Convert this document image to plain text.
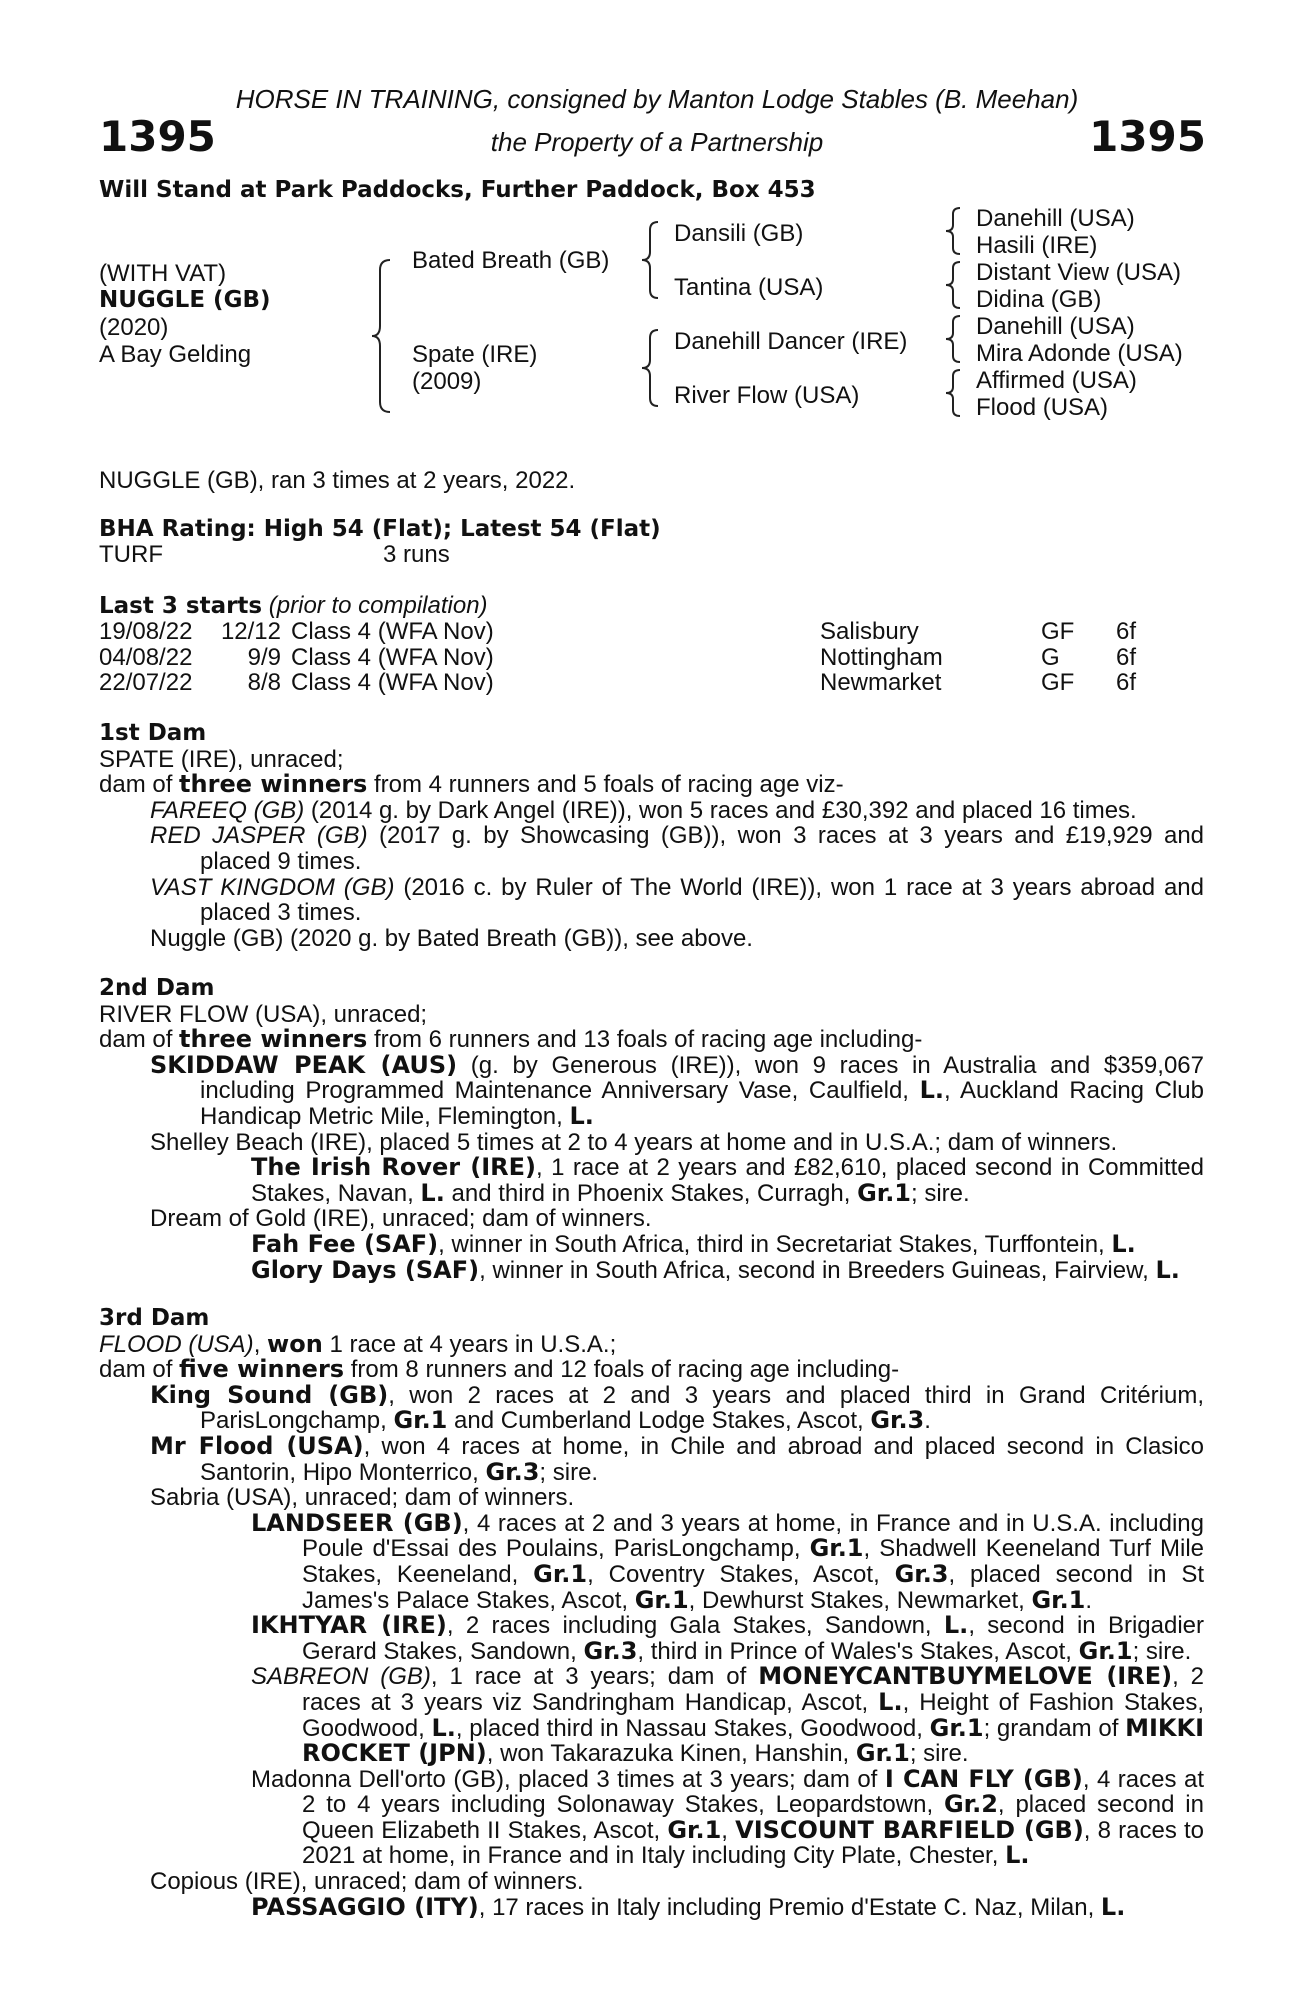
HORSE IN TRAINING, consigned by Manton Lodge Stables (B. Meehan)
the Property of a Partnership
1395	1395
Will Stand at Park Paddocks, Further Paddock, Box 453
(WITH VAT)
NUGGLE (GB)
(2020)
A Bay Gelding
Bated Breath (GB)
Spate (IRE)
(2009)
Dansili (GB)
Tantina (USA)
Danehill Dancer (IRE)
River Flow (USA)
Danehill (USA)
Hasili (IRE)
Distant View (USA)
Didina (GB)
Danehill (USA)
Mira Adonde (USA)
Affirmed (USA)
Flood (USA)
NUGGLE (GB), ran 3 times at 2 years, 2022.
BHA Rating: High 54 (Flat); Latest 54 (Flat)
TURF	3 runs
Last 3 starts (prior to compilation)
19/08/22	12/12 Class 4 (WFA Nov)	Salisbury	GF 6f
04/08/22	9/9 Class 4 (WFA Nov)	Nottingham	G 6f
22/07/22	8/8 Class 4 (WFA Nov)	Newmarket	GF 6f
1st Dam
SPATE (IRE), unraced;
dam of three winners from 4 runners and 5 foals of racing age viz-
FAREEQ (GB) (2014 g. by Dark Angel (IRE)), won 5 races and £30,392 and placed 16 times.
RED JASPER (GB) (2017 g. by Showcasing (GB)), won 3 races at 3 years and £19,929 and placed 9 times.
VAST KINGDOM (GB) (2016 c. by Ruler of The World (IRE)), won 1 race at 3 years abroad and placed 3 times.
Nuggle (GB) (2020 g. by Bated Breath (GB)), see above.
2nd Dam
RIVER FLOW (USA), unraced;
dam of three winners from 6 runners and 13 foals of racing age including-
SKIDDAW PEAK (AUS) (g. by Generous (IRE)), won 9 races in Australia and $359,067 including Programmed Maintenance Anniversary Vase, Caulfield, L., Auckland Racing Club Handicap Metric Mile, Flemington, L.
Shelley Beach (IRE), placed 5 times at 2 to 4 years at home and in U.S.A.; dam of winners.
The Irish Rover (IRE), 1 race at 2 years and £82,610, placed second in Committed Stakes, Navan, L. and third in Phoenix Stakes, Curragh, Gr.1; sire.
Dream of Gold (IRE), unraced; dam of winners.
Fah Fee (SAF), winner in South Africa, third in Secretariat Stakes, Turffontein, L.
Glory Days (SAF), winner in South Africa, second in Breeders Guineas, Fairview, L.
3rd Dam
FLOOD (USA), won 1 race at 4 years in U.S.A.;
dam of five winners from 8 runners and 12 foals of racing age including-
King Sound (GB), won 2 races at 2 and 3 years and placed third in Grand Critérium, ParisLongchamp, Gr.1 and Cumberland Lodge Stakes, Ascot, Gr.3.
Mr Flood (USA), won 4 races at home, in Chile and abroad and placed second in Clasico Santorin, Hipo Monterrico, Gr.3; sire.
Sabria (USA), unraced; dam of winners.
LANDSEER (GB), 4 races at 2 and 3 years at home, in France and in U.S.A. including Poule d'Essai des Poulains, ParisLongchamp, Gr.1, Shadwell Keeneland Turf Mile Stakes, Keeneland, Gr.1, Coventry Stakes, Ascot, Gr.3, placed second in St James's Palace Stakes, Ascot, Gr.1, Dewhurst Stakes, Newmarket, Gr.1.
IKHTYAR (IRE), 2 races including Gala Stakes, Sandown, L., second in Brigadier Gerard Stakes, Sandown, Gr.3, third in Prince of Wales's Stakes, Ascot, Gr.1; sire.
SABREON (GB), 1 race at 3 years; dam of MONEYCANTBUYMELOVE (IRE), 2 races at 3 years viz Sandringham Handicap, Ascot, L., Height of Fashion Stakes, Goodwood, L., placed third in Nassau Stakes, Goodwood, Gr.1; grandam of MIKKI ROCKET (JPN), won Takarazuka Kinen, Hanshin, Gr.1; sire.
Madonna Dell'orto (GB), placed 3 times at 3 years; dam of I CAN FLY (GB), 4 races at 2 to 4 years including Solonaway Stakes, Leopardstown, Gr.2, placed second in Queen Elizabeth II Stakes, Ascot, Gr.1, VISCOUNT BARFIELD (GB), 8 races to 2021 at home, in France and in Italy including City Plate, Chester, L.
Copious (IRE), unraced; dam of winners.
PASSAGGIO (ITY), 17 races in Italy including Premio d'Estate C. Naz, Milan, L.
